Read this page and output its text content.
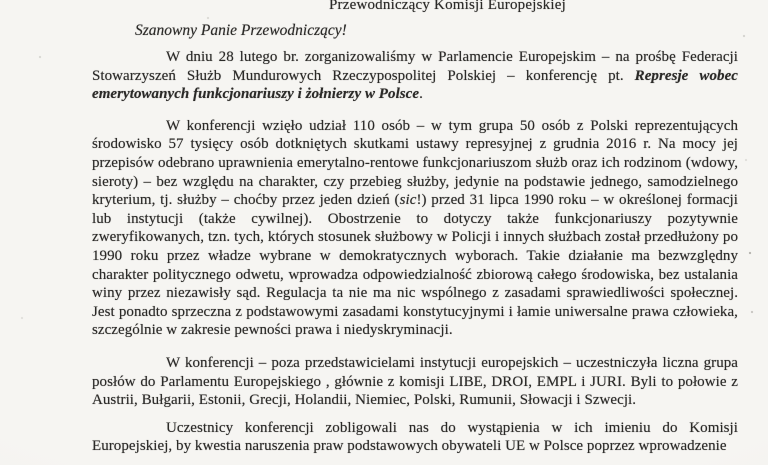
Przewodniczący Komisji Europejskiej
Szanowny Panie Przewodniczący!

W dniu 28 lutego br. zorganizowaliśmy w Parlamencie Europejskim – na prośbę Federacji Stowarzyszeń Służb Mundurowych Rzeczypospolitej Polskiej – konferencję pt. Represje wobec emerytowanych funkcjonariuszy i żołnierzy w Polsce.

W konferencji wzięło udział 110 osób – w tym grupa 50 osób z Polski reprezentujących środowisko 57 tysięcy osób dotkniętych skutkami ustawy represyjnej z grudnia 2016 r. Na mocy jej przepisów odebrano uprawnienia emerytalno-rentowe funkcjonariuszom służb oraz ich rodzinom (wdowy, sieroty) – bez względu na charakter, czy przebieg służby, jedynie na podstawie jednego, samodzielnego kryterium, tj. służby – choćby przez jeden dzień (sic!) przed 31 lipca 1990 roku – w określonej formacji lub instytucji (także cywilnej). Obostrzenie to dotyczy także funkcjonariuszy pozytywnie zweryfikowanych, tzn. tych, których stosunek służbowy w Policji i innych służbach został przedłużony po 1990 roku przez władze wybrane w demokratycznych wyborach. Takie działanie ma bezwzględny charakter politycznego odwetu, wprowadza odpowiedzialność zbiorową całego środowiska, bez ustalania winy przez niezawisły sąd. Regulacja ta nie ma nic wspólnego z zasadami sprawiedliwości społecznej. Jest ponadto sprzeczna z podstawowymi zasadami konstytucyjnymi i łamie uniwersalne prawa człowieka, szczególnie w zakresie pewności prawa i niedyskryminacji.

W konferencji – poza przedstawicielami instytucji europejskich – uczestniczyła liczna grupa posłów do Parlamentu Europejskiego , głównie z komisji LIBE, DROI, EMPL i JURI. Byli to połowie z Austrii, Bułgarii, Estonii, Grecji, Holandii, Niemiec, Polski, Rumunii, Słowacji i Szwecji.

Uczestnicy konferencji zobligowali nas do wystąpienia w ich imieniu do Komisji Europejskiej, by kwestia naruszenia praw podstawowych obywateli UE w Polsce poprzez wprowadzenie
